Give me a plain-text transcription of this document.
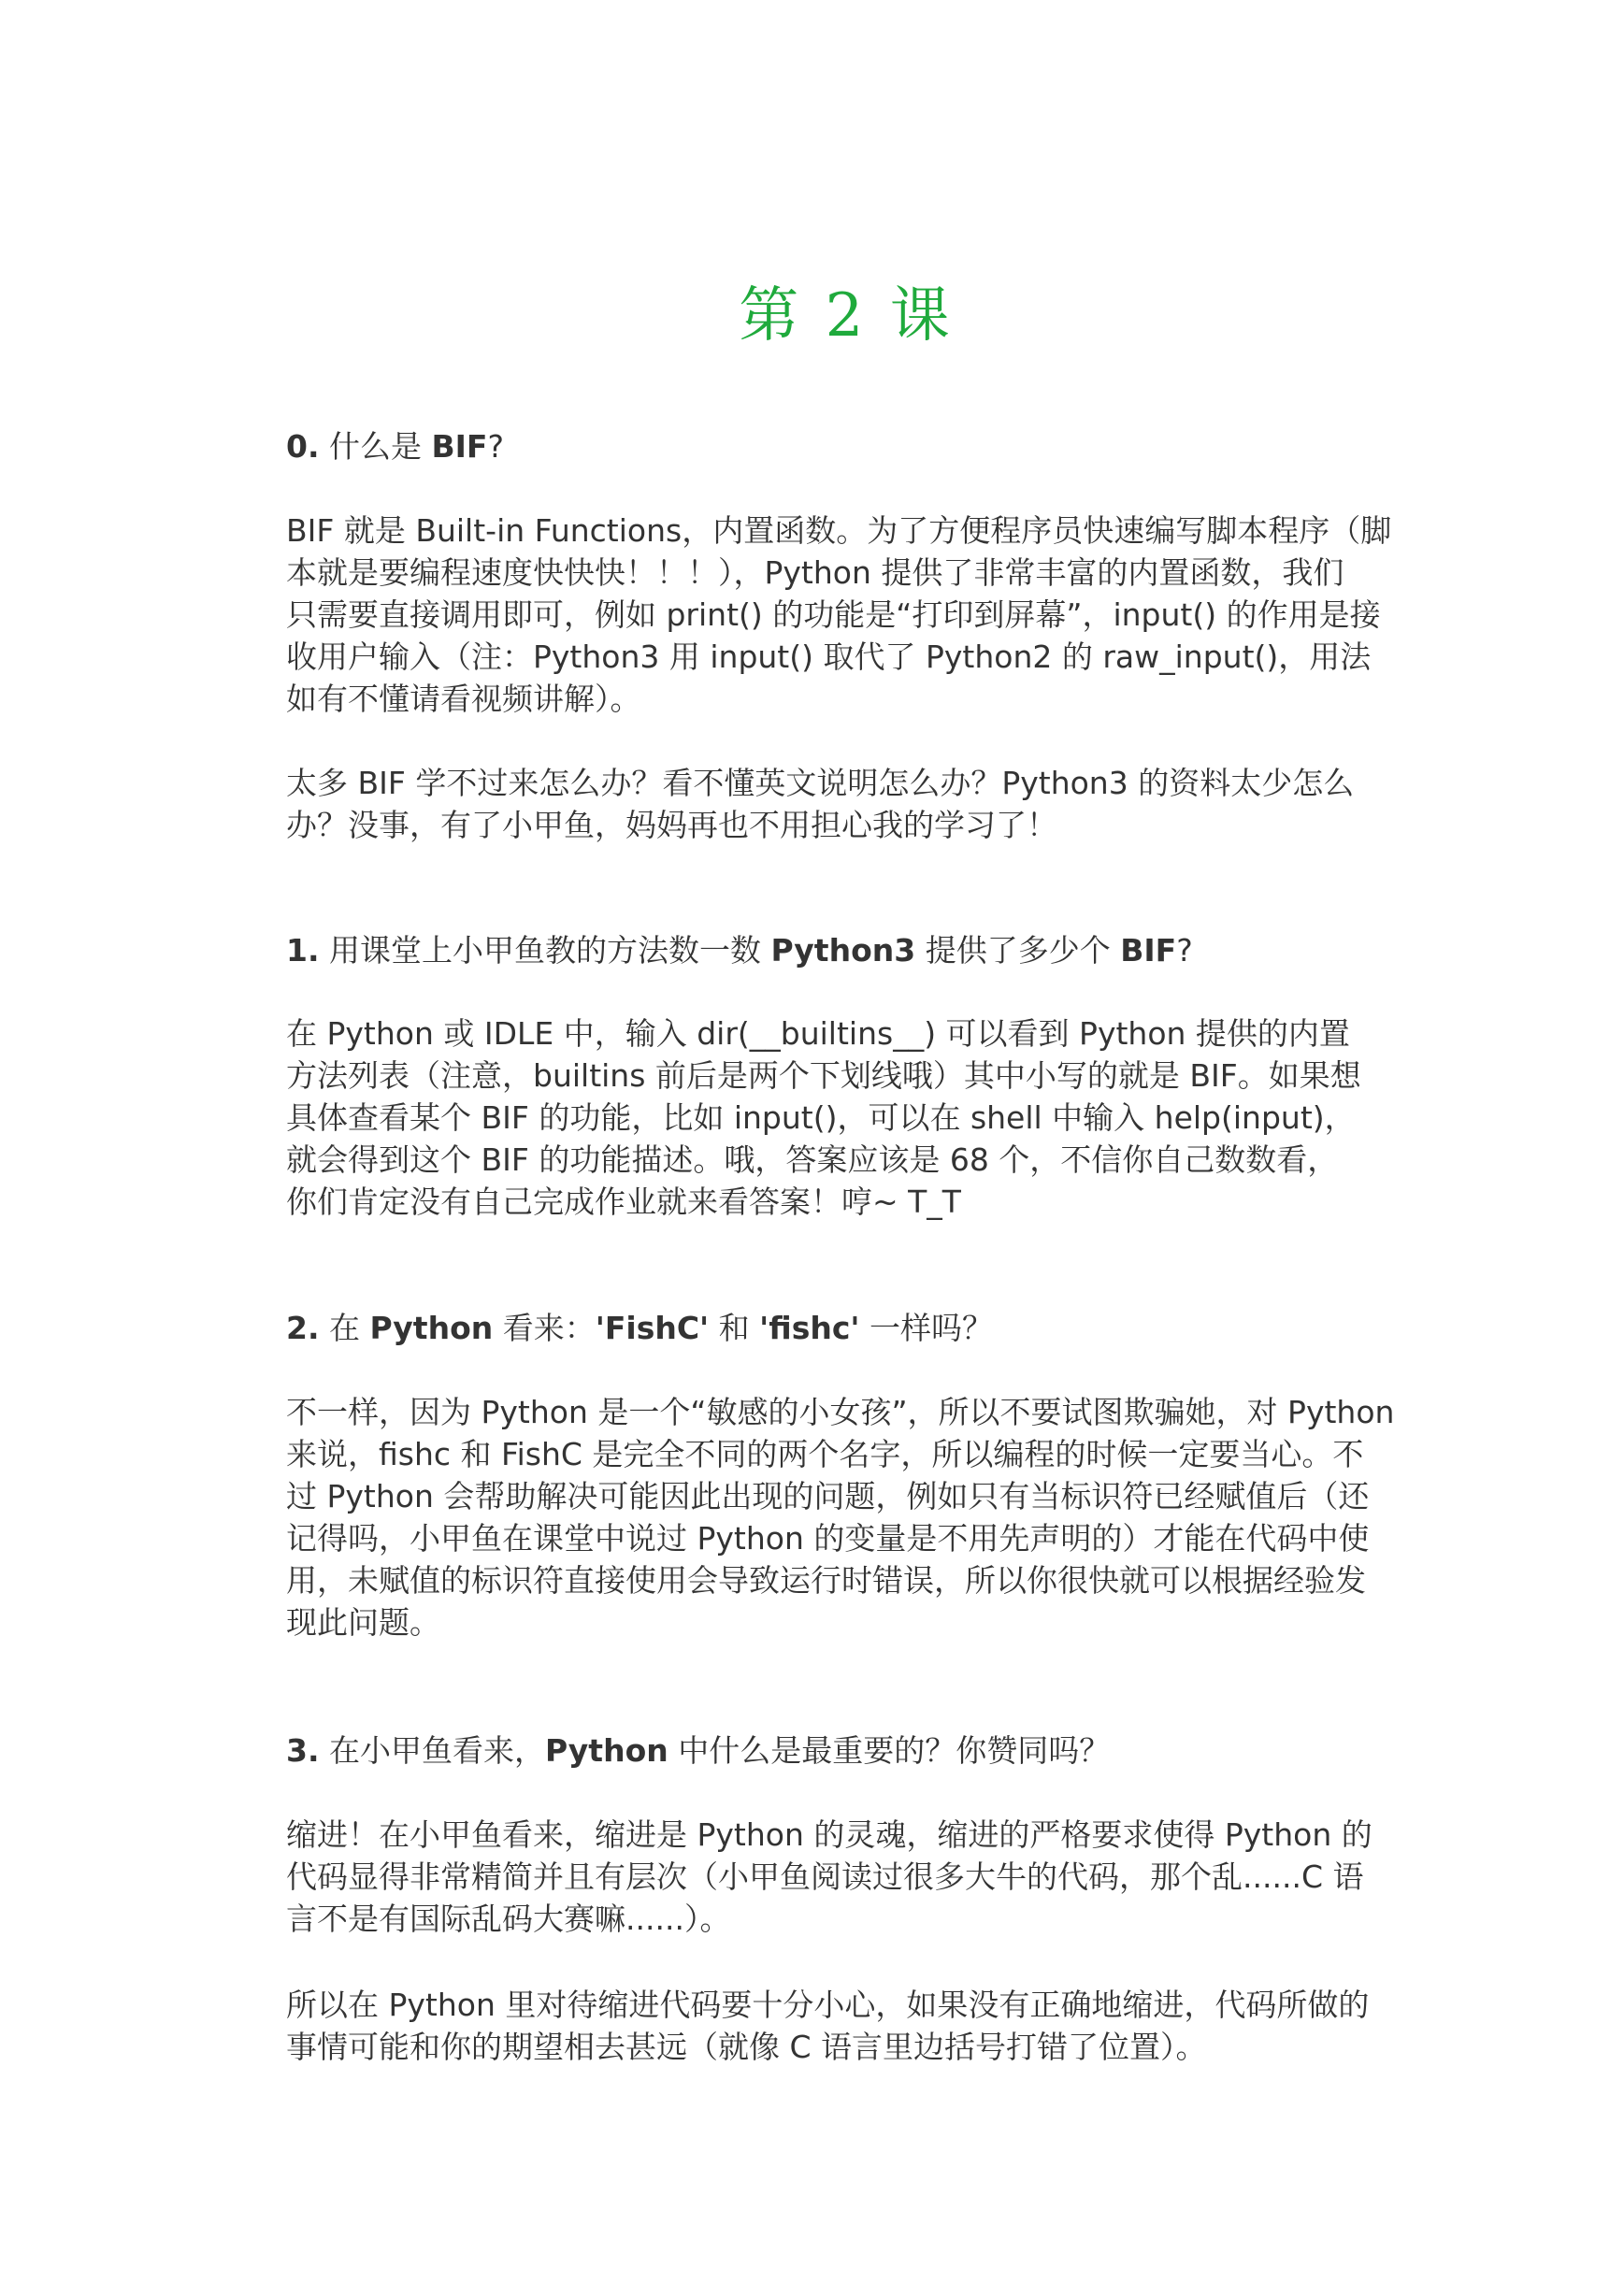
第 2 课
0. 什么是 BIF?
BIF 就是 Built-in Functions，内置函数。为了方便程序员快速编写脚本程序（脚
本就是要编程速度快快快！！！），Python 提供了非常丰富的内置函数，我们
只需要直接调用即可，例如 print() 的功能是“打印到屏幕”，input() 的作用是接
收用户输入（注：Python3 用 input() 取代了 Python2 的 raw_input()，用法
如有不懂请看视频讲解）。
太多 BIF 学不过来怎么办？看不懂英文说明怎么办？Python3 的资料太少怎么
办？没事，有了小甲鱼，妈妈再也不用担心我的学习了！
1. 用课堂上小甲鱼教的方法数一数 Python3 提供了多少个 BIF?
在 Python 或 IDLE 中，输入 dir(__builtins__) 可以看到 Python 提供的内置
方法列表（注意，builtins 前后是两个下划线哦）其中小写的就是 BIF。如果想
具体查看某个 BIF 的功能，比如 input()，可以在 shell 中输入 help(input)，
就会得到这个 BIF 的功能描述。哦，答案应该是 68 个，不信你自己数数看，
你们肯定没有自己完成作业就来看答案！哼~ T_T
2. 在 Python 看来：'FishC' 和 'fishc' 一样吗？
不一样，因为 Python 是一个“敏感的小女孩”，所以不要试图欺骗她，对 Python
来说，fishc 和 FishC 是完全不同的两个名字，所以编程的时候一定要当心。不
过 Python 会帮助解决可能因此出现的问题，例如只有当标识符已经赋值后（还
记得吗，小甲鱼在课堂中说过 Python 的变量是不用先声明的）才能在代码中使
用，未赋值的标识符直接使用会导致运行时错误，所以你很快就可以根据经验发
现此问题。
3. 在小甲鱼看来，Python 中什么是最重要的？你赞同吗？
缩进！在小甲鱼看来，缩进是 Python 的灵魂，缩进的严格要求使得 Python 的
代码显得非常精简并且有层次（小甲鱼阅读过很多大牛的代码，那个乱......C 语
言不是有国际乱码大赛嘛......）。
所以在 Python 里对待缩进代码要十分小心，如果没有正确地缩进，代码所做的
事情可能和你的期望相去甚远（就像 C 语言里边括号打错了位置）。
